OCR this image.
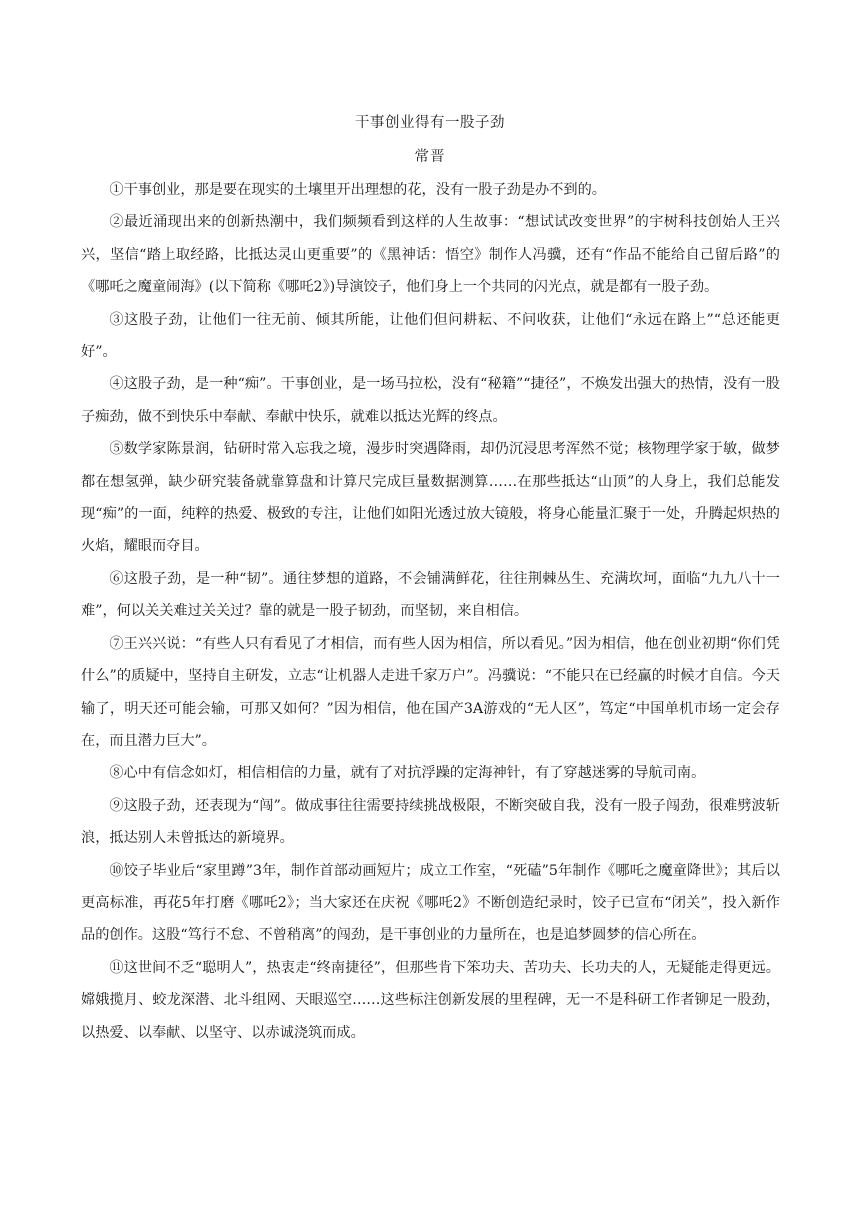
干事创业得有一股子劲
常晋

①干事创业，那是要在现实的土壤里开出理想的花，没有一股子劲是办不到的。

②最近涌现出来的创新热潮中，我们频频看到这样的人生故事：“想试试改变世界”的宇树科技创始人王兴兴，坚信“踏上取经路，比抵达灵山更重要”的《黑神话：悟空》制作人冯骥，还有“作品不能给自己留后路”的《哪吒之魔童闹海》(以下简称《哪吒2》)导演饺子，他们身上一个共同的闪光点，就是都有一股子劲。

③这股子劲，让他们一往无前、倾其所能，让他们但问耕耘、不问收获，让他们“永远在路上”“总还能更好”。

④这股子劲，是一种“痴”。干事创业，是一场马拉松，没有“秘籍”“捷径”，不焕发出强大的热情，没有一股子痴劲，做不到快乐中奉献、奉献中快乐，就难以抵达光辉的终点。

⑤数学家陈景润，钻研时常入忘我之境，漫步时突遇降雨，却仍沉浸思考浑然不觉；核物理学家于敏，做梦都在想氢弹，缺少研究装备就靠算盘和计算尺完成巨量数据测算……在那些抵达“山顶”的人身上，我们总能发现“痴”的一面，纯粹的热爱、极致的专注，让他们如阳光透过放大镜般，将身心能量汇聚于一处，升腾起炽热的火焰，耀眼而夺目。

⑥这股子劲，是一种“韧”。通往梦想的道路，不会铺满鲜花，往往荆棘丛生、充满坎坷，面临“九九八十一难”，何以关关难过关关过？靠的就是一股子韧劲，而坚韧，来自相信。

⑦王兴兴说：“有些人只有看见了才相信，而有些人因为相信，所以看见。”因为相信，他在创业初期“你们凭什么”的质疑中，坚持自主研发，立志“让机器人走进千家万户”。冯骥说：“不能只在已经赢的时候才自信。今天输了，明天还可能会输，可那又如何？”因为相信，他在国产3A游戏的“无人区”，笃定“中国单机市场一定会存在，而且潜力巨大”。

⑧心中有信念如灯，相信相信的力量，就有了对抗浮躁的定海神针，有了穿越迷雾的导航司南。

⑨这股子劲，还表现为“闯”。做成事往往需要持续挑战极限，不断突破自我，没有一股子闯劲，很难劈波斩浪，抵达别人未曾抵达的新境界。

⑩饺子毕业后“家里蹲”3年，制作首部动画短片；成立工作室，“死磕”5年制作《哪吒之魔童降世》；其后以更高标准，再花5年打磨《哪吒2》；当大家还在庆祝《哪吒2》不断创造纪录时，饺子已宣布“闭关”，投入新作品的创作。这股“笃行不怠、不曾稍离”的闯劲，是干事创业的力量所在，也是追梦圆梦的信心所在。

⑪这世间不乏“聪明人”，热衷走“终南捷径”，但那些肯下笨功夫、苦功夫、长功夫的人，无疑能走得更远。嫦娥揽月、蛟龙深潜、北斗组网、天眼巡空……这些标注创新发展的里程碑，无一不是科研工作者铆足一股劲，以热爱、以奉献、以坚守、以赤诚浇筑而成。
